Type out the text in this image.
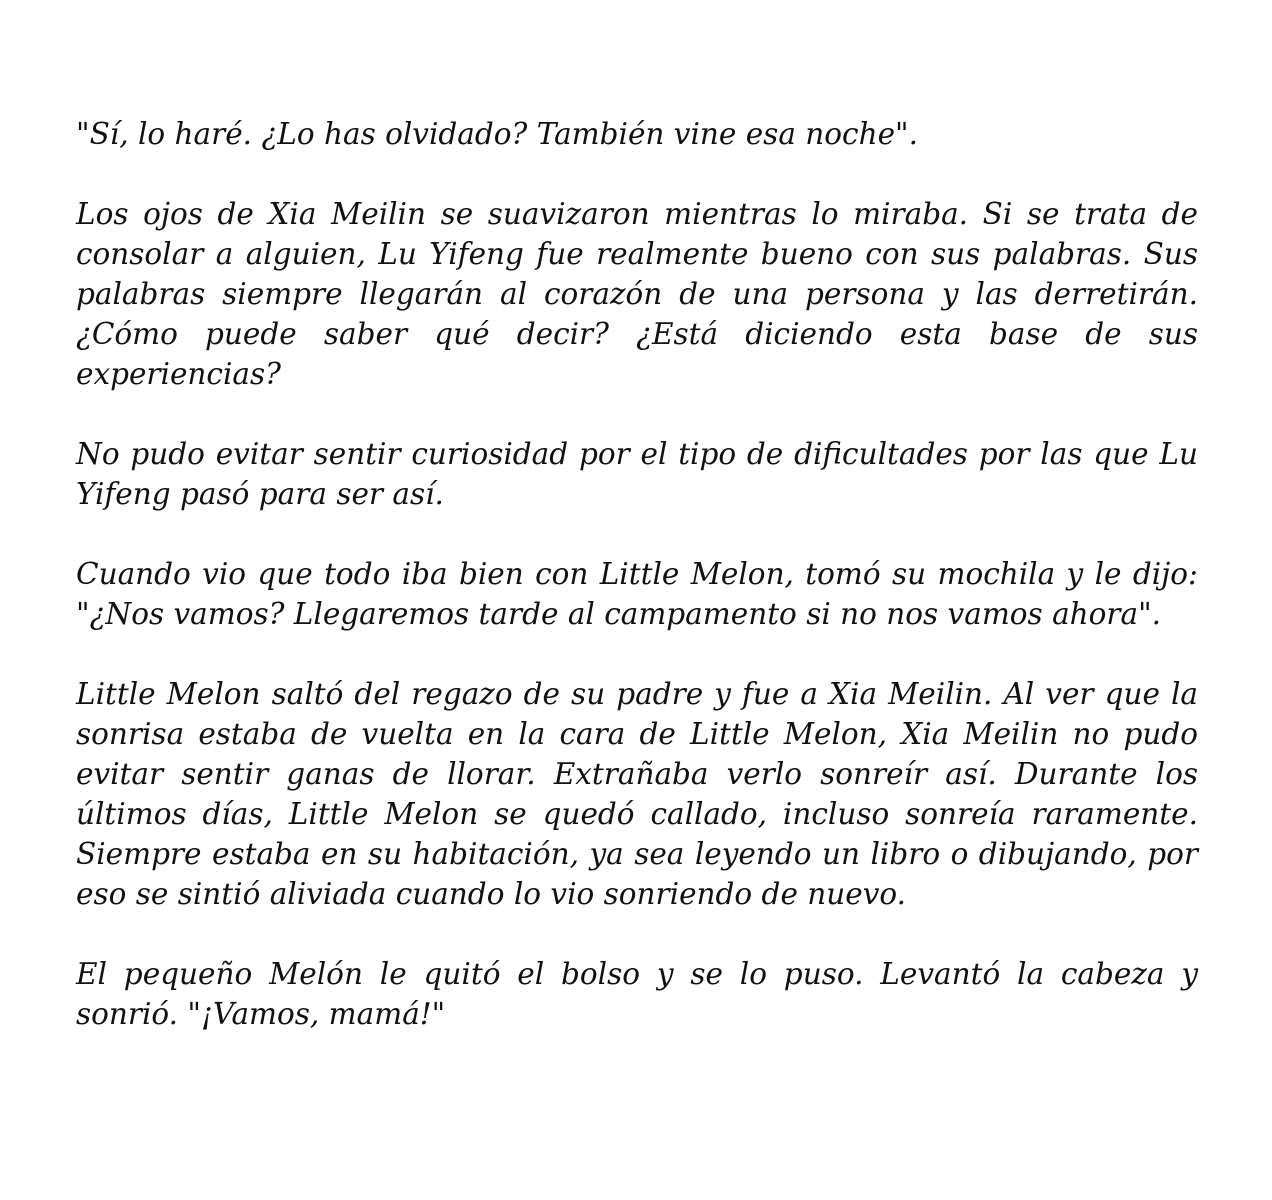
"Sí, lo haré. ¿Lo has olvidado? También vine esa noche".

Los ojos de Xia Meilin se suavizaron mientras lo miraba. Si se trata de consolar a alguien, Lu Yifeng fue realmente bueno con sus palabras. Sus palabras siempre llegarán al corazón de una persona y las derretirán. ¿Cómo puede saber qué decir? ¿Está diciendo esta base de sus experiencias?

No pudo evitar sentir curiosidad por el tipo de dificultades por las que Lu Yifeng pasó para ser así.

Cuando vio que todo iba bien con Little Melon, tomó su mochila y le dijo: "¿Nos vamos? Llegaremos tarde al campamento si no nos vamos ahora".

Little Melon saltó del regazo de su padre y fue a Xia Meilin. Al ver que la sonrisa estaba de vuelta en la cara de Little Melon, Xia Meilin no pudo evitar sentir ganas de llorar. Extrañaba verlo sonreír así. Durante los últimos días, Little Melon se quedó callado, incluso sonreía raramente. Siempre estaba en su habitación, ya sea leyendo un libro o dibujando, por eso se sintió aliviada cuando lo vio sonriendo de nuevo.

El pequeño Melón le quitó el bolso y se lo puso. Levantó la cabeza y sonrió. "¡Vamos, mamá!"
